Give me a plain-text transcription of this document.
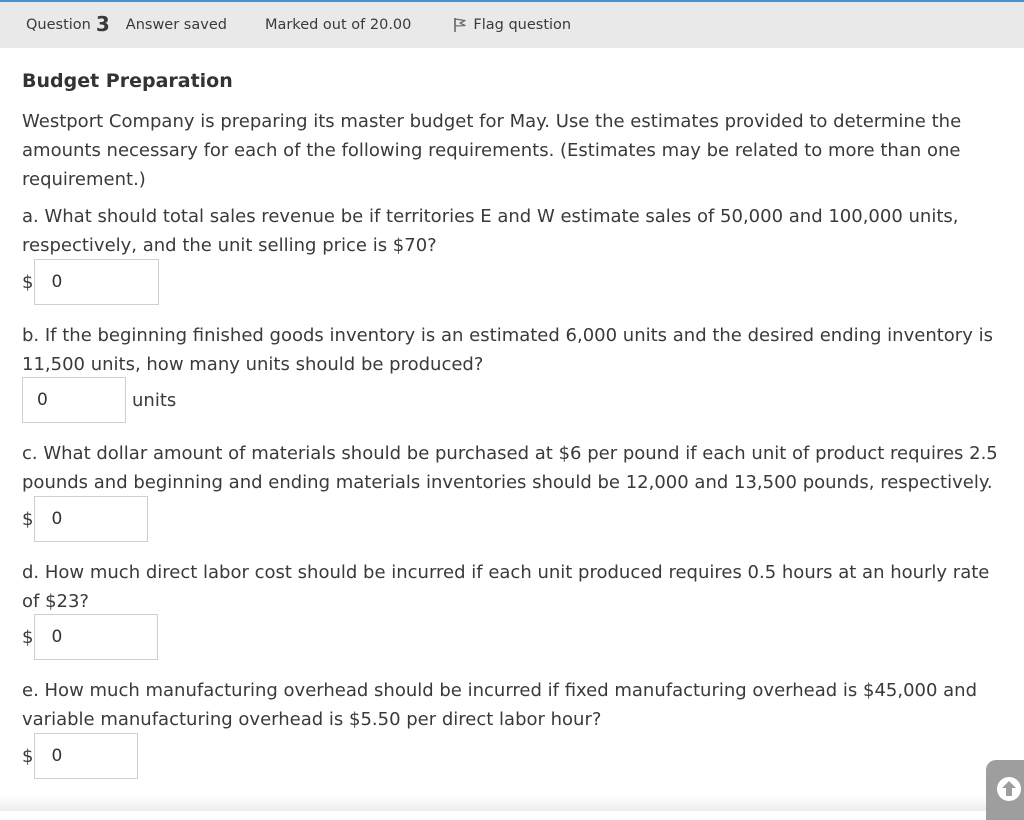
Question 3 Answer saved	Marked out of 20.00	Flag question
Budget Preparation
Westport Company is preparing its master budget for May. Use the estimates provided to determine the amounts necessary for each of the following requirements. (Estimates may be related to more than one requirement.)
a. What should total sales revenue be if territories E and W estimate sales of 50,000 and 100,000 units, respectively, and the unit selling price is $70?
$
0
b. If the beginning finished goods inventory is an estimated 6,000 units and the desired ending inventory is 11,500 units, how many units should be produced?
0
units
c. What dollar amount of materials should be purchased at $6 per pound if each unit of product requires 2.5 pounds and beginning and ending materials inventories should be 12,000 and 13,500 pounds, respectively.
$
0
d. How much direct labor cost should be incurred if each unit produced requires 0.5 hours at an hourly rate of $23?
$
0
e. How much manufacturing overhead should be incurred if fixed manufacturing overhead is $45,000 and variable manufacturing overhead is $5.50 per direct labor hour?
$
0
